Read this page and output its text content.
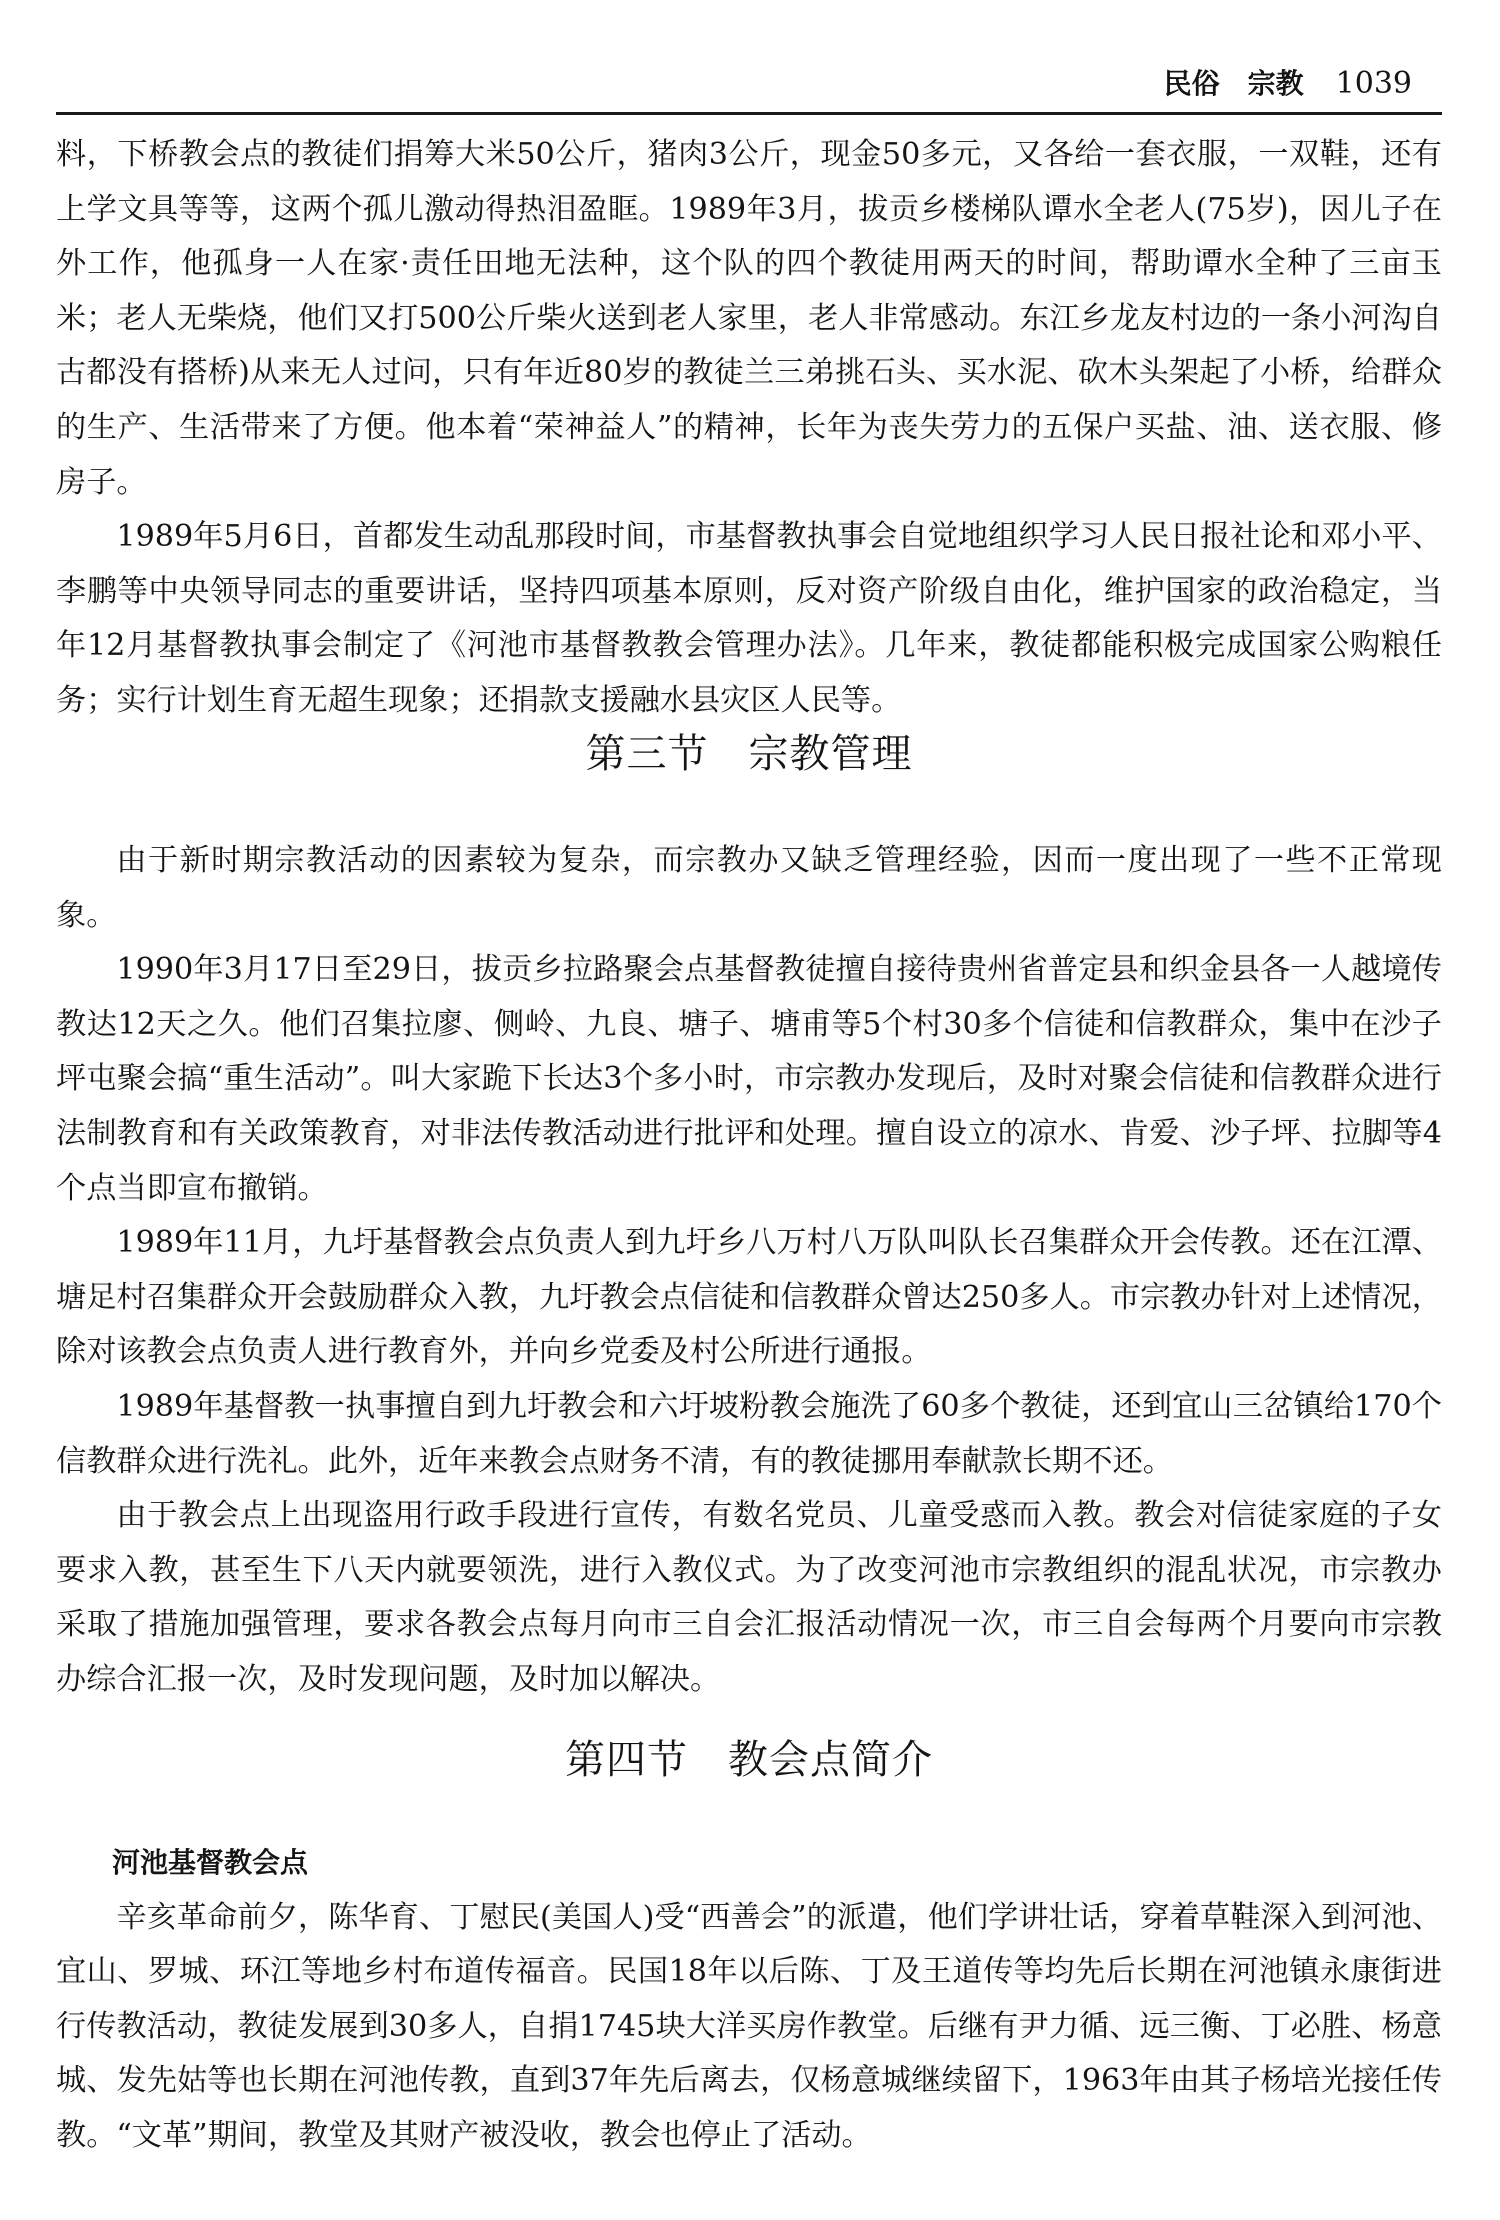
民俗　宗教 1039

料，下桥教会点的教徒们捐筹大米50公斤，猪肉3公斤，现金50多元，又各给一套衣服，一双鞋，还有上学文具等等，这两个孤儿激动得热泪盈眶。1989年3月，拔贡乡楼梯队谭水全老人(75岁)，因儿子在外工作，他孤身一人在家·责任田地无法种，这个队的四个教徒用两天的时间，帮助谭水全种了三亩玉米；老人无柴烧，他们又打500公斤柴火送到老人家里，老人非常感动。东江乡龙友村边的一条小河沟自古都没有搭桥)从来无人过问，只有年近80岁的教徒兰三弟挑石头、买水泥、砍木头架起了小桥，给群众的生产、生活带来了方便。他本着“荣神益人”的精神，长年为丧失劳力的五保户买盐、油、送衣服、修房子。

1989年5月6日，首都发生动乱那段时间，市基督教执事会自觉地组织学习人民日报社论和邓小平、李鹏等中央领导同志的重要讲话，坚持四项基本原则，反对资产阶级自由化，维护国家的政治稳定，当年12月基督教执事会制定了《河池市基督教教会管理办法》。几年来，教徒都能积极完成国家公购粮任务；实行计划生育无超生现象；还捐款支援融水县灾区人民等。

第三节 宗教管理

由于新时期宗教活动的因素较为复杂，而宗教办又缺乏管理经验，因而一度出现了一些不正常现象。

1990年3月17日至29日，拔贡乡拉路聚会点基督教徒擅自接待贵州省普定县和织金县各一人越境传教达12天之久。他们召集拉廖、侧岭、九良、塘子、塘甫等5个村30多个信徒和信教群众，集中在沙子坪屯聚会搞“重生活动”。叫大家跪下长达3个多小时，市宗教办发现后，及时对聚会信徒和信教群众进行法制教育和有关政策教育，对非法传教活动进行批评和处理。擅自设立的凉水、肯爱、沙子坪、拉脚等4个点当即宣布撤销。

1989年11月，九圩基督教会点负责人到九圩乡八万村八万队叫队长召集群众开会传教。还在江潭、塘足村召集群众开会鼓励群众入教，九圩教会点信徒和信教群众曾达250多人。市宗教办针对上述情况，除对该教会点负责人进行教育外，并向乡党委及村公所进行通报。

1989年基督教一执事擅自到九圩教会和六圩坡粉教会施洗了60多个教徒，还到宜山三岔镇给170个信教群众进行洗礼。此外，近年来教会点财务不清，有的教徒挪用奉献款长期不还。

由于教会点上出现盗用行政手段进行宣传，有数名党员、儿童受惑而入教。教会对信徒家庭的子女要求入教，甚至生下八天内就要领洗，进行入教仪式。为了改变河池市宗教组织的混乱状况，市宗教办采取了措施加强管理，要求各教会点每月向市三自会汇报活动情况一次，市三自会每两个月要向市宗教办综合汇报一次，及时发现问题，及时加以解决。

第四节 教会点简介

河池基督教会点

辛亥革命前夕，陈华育、丁慰民(美国人)受“西善会”的派遣，他们学讲壮话，穿着草鞋深入到河池、宜山、罗城、环江等地乡村布道传福音。民国18年以后陈、丁及王道传等均先后长期在河池镇永康街进行传教活动，教徒发展到30多人，自捐1745块大洋买房作教堂。后继有尹力循、远三衡、丁必胜、杨意城、发先姑等也长期在河池传教，直到37年先后离去，仅杨意城继续留下，1963年由其子杨培光接任传教。“文革”期间，教堂及其财产被没收，教会也停止了活动。
